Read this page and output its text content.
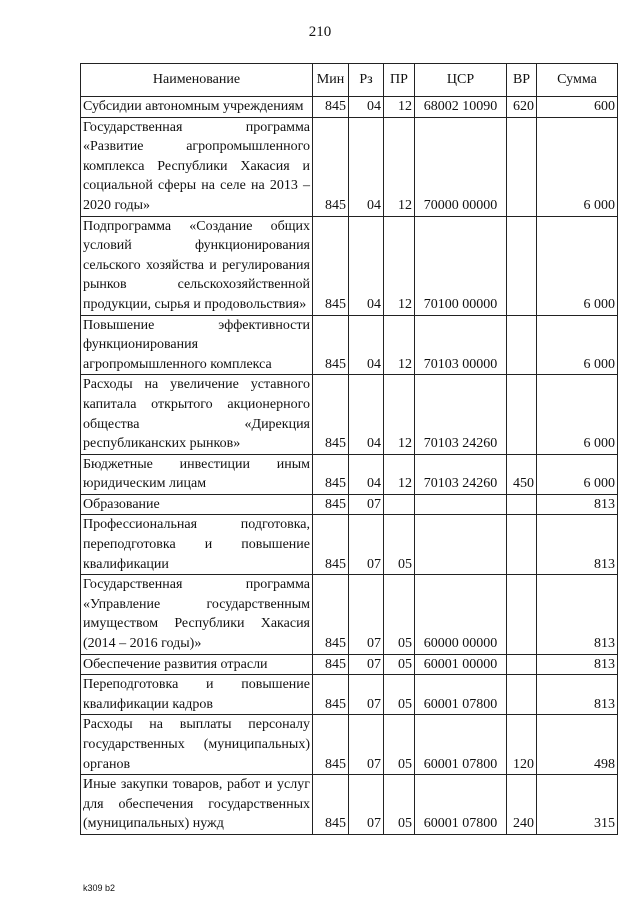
210
Наименование	Мин	Рз	ПР	ЦСР	ВР	Сумма
Субсидии автономным учреждениям	845	04	12	68002 10090	620	600
Государственная программа «Развитие агропромышленного комплекса Республики Хакасия и социальной сферы на селе на 2013 – 2020 годы»	845	04	12	70000 00000		6 000
Подпрограмма «Создание общих условий функционирования сельского хозяйства и регулирования рынков сельскохозяйственной продукции, сырья и продовольствия»	845	04	12	70100 00000		6 000
Повышение эффективности функционирования агропромышленного комплекса	845	04	12	70103 00000		6 000
Расходы на увеличение уставного капитала открытого акционерного общества «Дирекция республиканских рынков»	845	04	12	70103 24260		6 000
Бюджетные инвестиции иным юридическим лицам	845	04	12	70103 24260	450	6 000
Образование	845	07				813
Профессиональная подготовка, переподготовка и повышение квалификации	845	07	05			813
Государственная программа «Управление государственным имуществом Республики Хакасия (2014 – 2016 годы)»	845	07	05	60000 00000		813
Обеспечение развития отрасли	845	07	05	60001 00000		813
Переподготовка и повышение квалификации кадров	845	07	05	60001 07800		813
Расходы на выплаты персоналу государственных (муниципальных) органов	845	07	05	60001 07800	120	498
Иные закупки товаров, работ и услуг для обеспечения государственных (муниципальных) нужд	845	07	05	60001 07800	240	315
k309 b2
